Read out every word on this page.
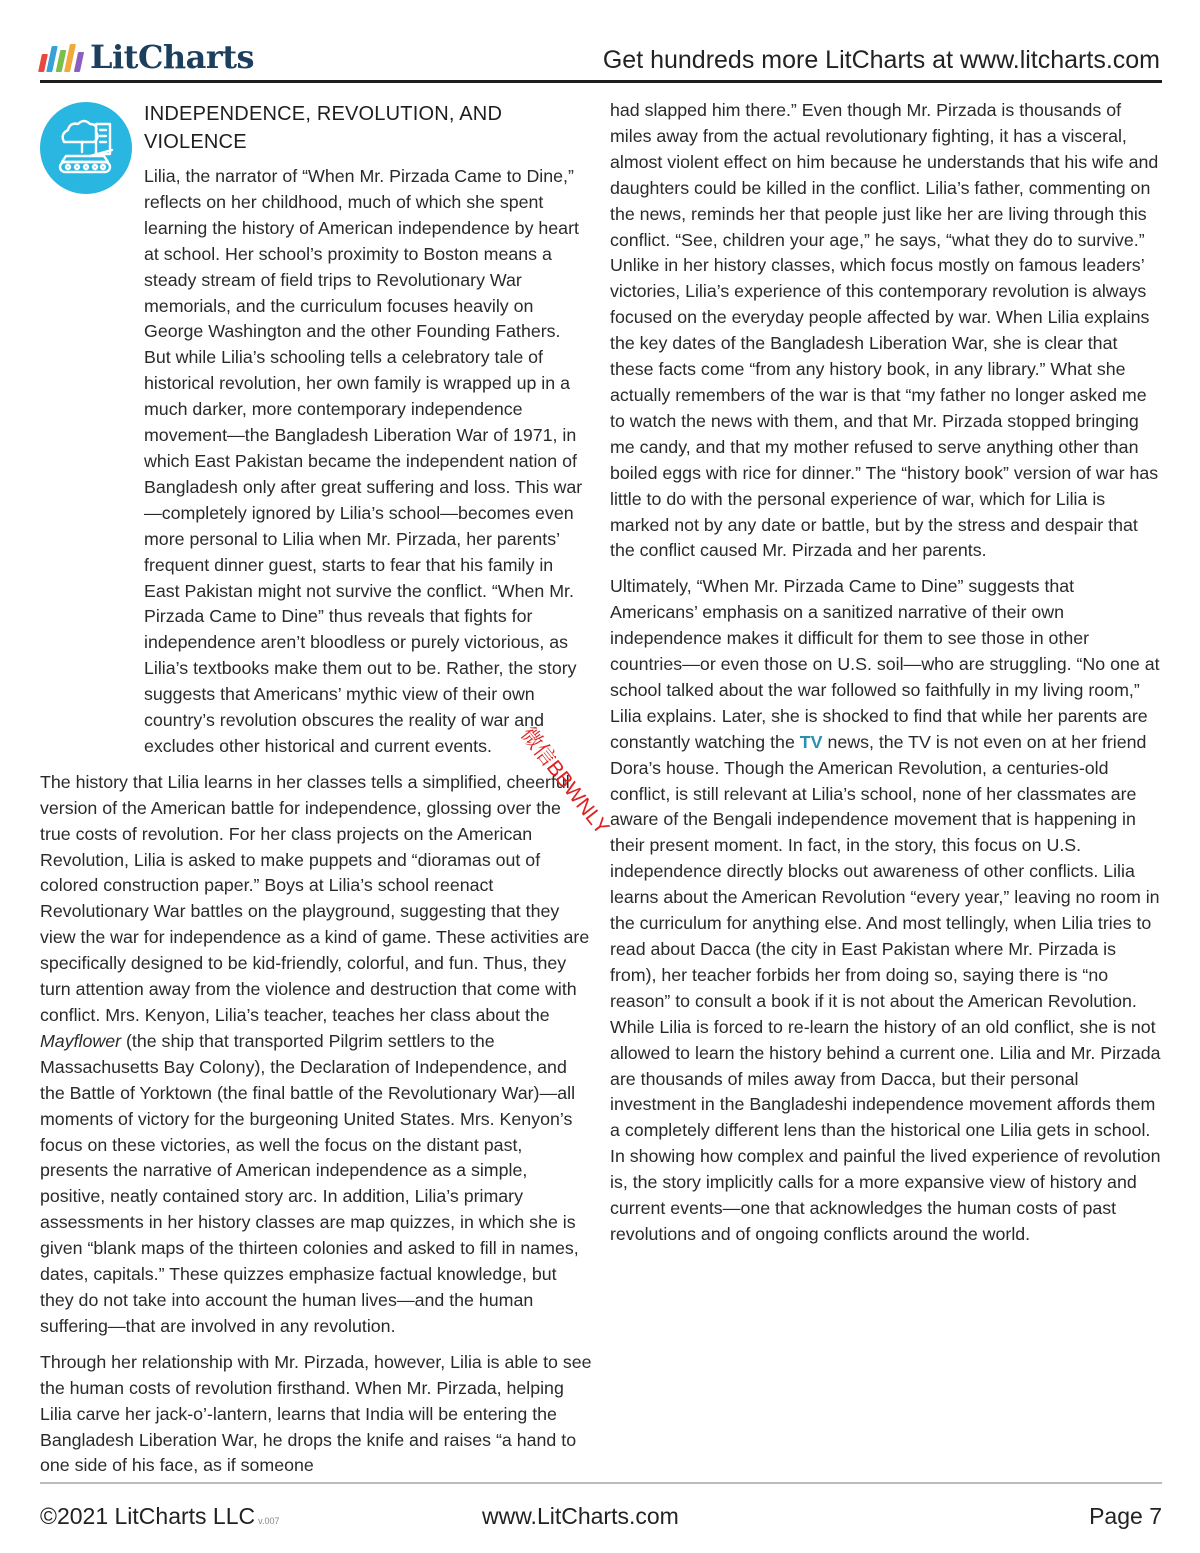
LitCharts	Get hundreds more LitCharts at www.litcharts.com
INDEPENDENCE, REVOLUTION, AND VIOLENCE

Lilia, the narrator of “When Mr. Pirzada Came to Dine,” reflects on her childhood, much of which she spent learning the history of American independence by heart at school. Her school’s proximity to Boston means a steady stream of field trips to Revolutionary War memorials, and the curriculum focuses heavily on George Washington and the other Founding Fathers. But while Lilia’s schooling tells a celebratory tale of historical revolution, her own family is wrapped up in a much darker, more contemporary independence movement—the Bangladesh Liberation War of 1971, in which East Pakistan became the independent nation of Bangladesh only after great suffering and loss. This war—completely ignored by Lilia’s school—becomes even more personal to Lilia when Mr. Pirzada, her parents’ frequent dinner guest, starts to fear that his family in East Pakistan might not survive the conflict. “When Mr. Pirzada Came to Dine” thus reveals that fights for independence aren’t bloodless or purely victorious, as Lilia’s textbooks make them out to be. Rather, the story suggests that Americans’ mythic view of their own country’s revolution obscures the reality of war and excludes other historical and current events.

The history that Lilia learns in her classes tells a simplified, cheerful version of the American battle for independence, glossing over the true costs of revolution. For her class projects on the American Revolution, Lilia is asked to make puppets and “dioramas out of colored construction paper.” Boys at Lilia’s school reenact Revolutionary War battles on the playground, suggesting that they view the war for independence as a kind of game. These activities are specifically designed to be kid-friendly, colorful, and fun. Thus, they turn attention away from the violence and destruction that come with conflict. Mrs. Kenyon, Lilia’s teacher, teaches her class about the Mayflower (the ship that transported Pilgrim settlers to the Massachusetts Bay Colony), the Declaration of Independence, and the Battle of Yorktown (the final battle of the Revolutionary War)—all moments of victory for the burgeoning United States. Mrs. Kenyon’s focus on these victories, as well the focus on the distant past, presents the narrative of American independence as a simple, positive, neatly contained story arc. In addition, Lilia’s primary assessments in her history classes are map quizzes, in which she is given “blank maps of the thirteen colonies and asked to fill in names, dates, capitals.” These quizzes emphasize factual knowledge, but they do not take into account the human lives—and the human suffering—that are involved in any revolution.

Through her relationship with Mr. Pirzada, however, Lilia is able to see the human costs of revolution firsthand. When Mr. Pirzada, helping Lilia carve her jack-o’-lantern, learns that India will be entering the Bangladesh Liberation War, he drops the knife and raises “a hand to one side of his face, as if someone

had slapped him there.” Even though Mr. Pirzada is thousands of miles away from the actual revolutionary fighting, it has a visceral, almost violent effect on him because he understands that his wife and daughters could be killed in the conflict. Lilia’s father, commenting on the news, reminds her that people just like her are living through this conflict. “See, children your age,” he says, “what they do to survive.” Unlike in her history classes, which focus mostly on famous leaders’ victories, Lilia’s experience of this contemporary revolution is always focused on the everyday people affected by war. When Lilia explains the key dates of the Bangladesh Liberation War, she is clear that these facts come “from any history book, in any library.” What she actually remembers of the war is that “my father no longer asked me to watch the news with them, and that Mr. Pirzada stopped bringing me candy, and that my mother refused to serve anything other than boiled eggs with rice for dinner.” The “history book” version of war has little to do with the personal experience of war, which for Lilia is marked not by any date or battle, but by the stress and despair that the conflict caused Mr. Pirzada and her parents.

Ultimately, “When Mr. Pirzada Came to Dine” suggests that Americans’ emphasis on a sanitized narrative of their own independence makes it difficult for them to see those in other countries—or even those on U.S. soil—who are struggling. “No one at school talked about the war followed so faithfully in my living room,” Lilia explains. Later, she is shocked to find that while her parents are constantly watching the TV news, the TV is not even on at her friend Dora’s house. Though the American Revolution, a centuries-old conflict, is still relevant at Lilia’s school, none of her classmates are aware of the Bengali independence movement that is happening in their present moment. In fact, in the story, this focus on U.S. independence directly blocks out awareness of other conflicts. Lilia learns about the American Revolution “every year,” leaving no room in the curriculum for anything else. And most tellingly, when Lilia tries to read about Dacca (the city in East Pakistan where Mr. Pirzada is from), her teacher forbids her from doing so, saying there is “no reason” to consult a book if it is not about the American Revolution. While Lilia is forced to re-learn the history of an old conflict, she is not allowed to learn the history behind a current one. Lilia and Mr. Pirzada are thousands of miles away from Dacca, but their personal investment in the Bangladeshi independence movement affords them a completely different lens than the historical one Lilia gets in school. In showing how complex and painful the lived experience of revolution is, the story implicitly calls for a more expansive view of history and current events—one that acknowledges the human costs of past revolutions and of ongoing conflicts around the world.

微信BBWNLY
©2021 LitCharts LLC v.007	www.LitCharts.com	Page 7
